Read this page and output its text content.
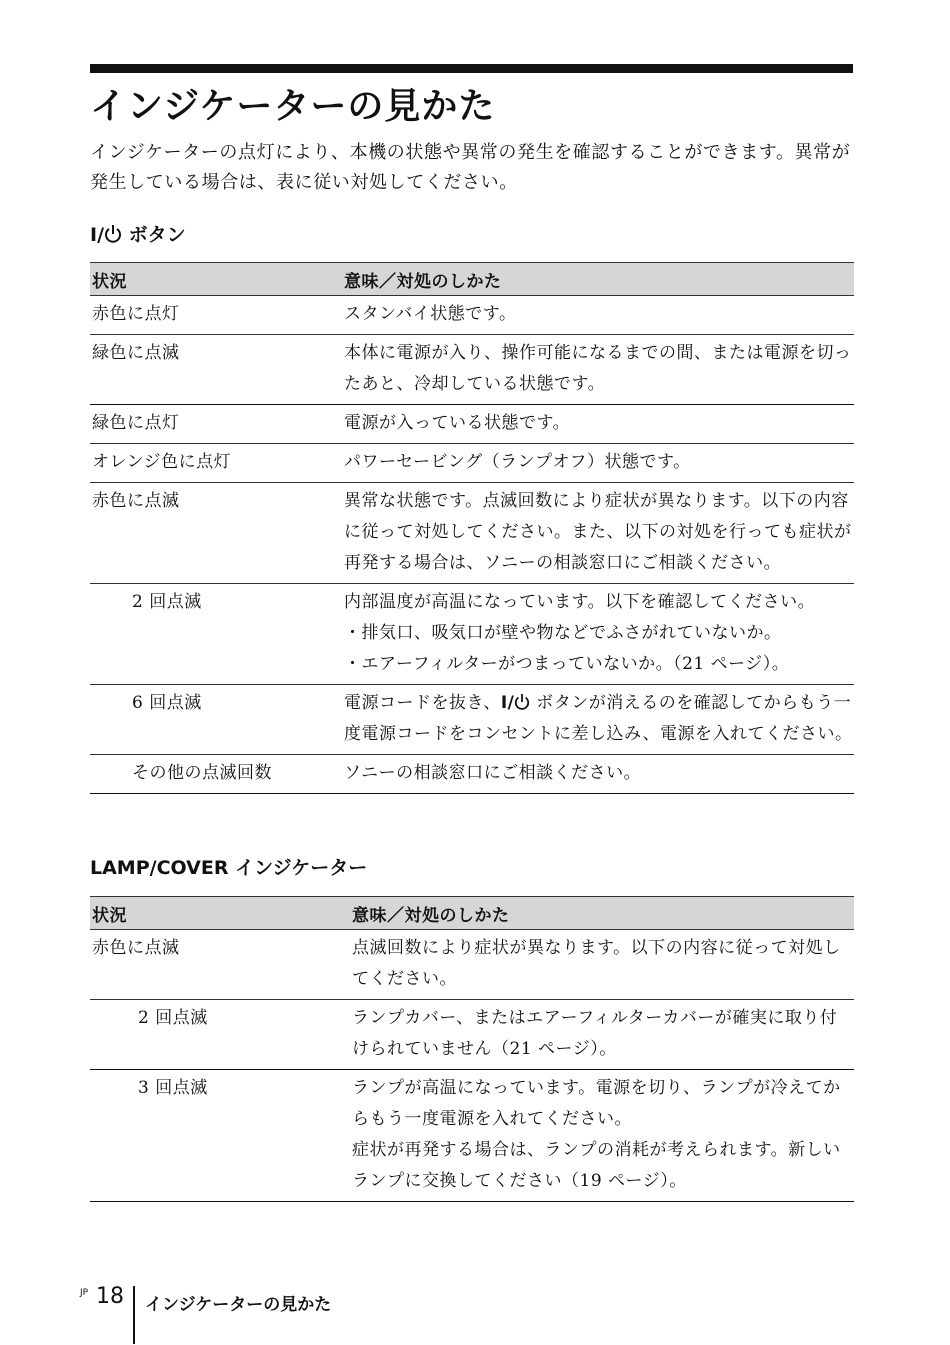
インジケーターの見かた
インジケーターの点灯により、本機の状態や異常の発生を確認することができます。異常が発生している場合は、表に従い対処してください。
I/ ボタン
状況	意味／対処のしかた
赤色に点灯	スタンバイ状態です。
緑色に点滅	本体に電源が入り、操作可能になるまでの間、または電源を切ったあと、冷却している状態です。
緑色に点灯	電源が入っている状態です。
オレンジ色に点灯	パワーセービング（ランプオフ）状態です。
赤色に点滅	異常な状態です。点滅回数により症状が異なります。以下の内容に従って対処してください。また、以下の対処を行っても症状が再発する場合は、ソニーの相談窓口にご相談ください。
2 回点滅	内部温度が高温になっています。以下を確認してください。
・排気口、吸気口が壁や物などでふさがれていないか。
・エアーフィルターがつまっていないか。（21 ページ）。

6 回点滅	電源コードを抜き、I/ ボタンが消えるのを確認してからもう一度電源コードをコンセントに差し込み、電源を入れてください。
その他の点滅回数	ソニーの相談窓口にご相談ください。
LAMP/COVER インジケーター
状況	意味／対処のしかた
赤色に点滅	点滅回数により症状が異なります。以下の内容に従って対処してください。
2 回点滅	ランプカバー、またはエアーフィルターカバーが確実に取り付けられていません（21 ページ）。
3 回点滅	ランプが高温になっています。電源を切り、ランプが冷えてからもう一度電源を入れてください。
症状が再発する場合は、ランプの消耗が考えられます。新しいランプに交換してください（19 ページ）。
JP 18 インジケーターの見かた
